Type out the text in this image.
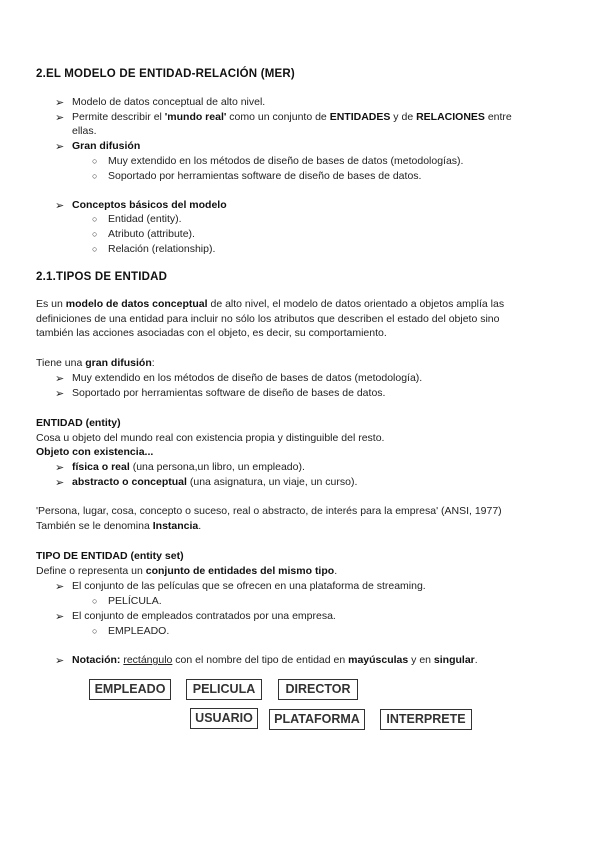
2.EL MODELO DE ENTIDAD-RELACIÓN (MER)
➢ Modelo de datos conceptual de alto nivel.
➢ Permite describir el 'mundo real' como un conjunto de ENTIDADES y de RELACIONES entre
ellas.
➢ Gran difusión
○ Muy extendido en los métodos de diseño de bases de datos (metodologías).
○ Soportado por herramientas software de diseño de bases de datos.
➢ Conceptos básicos del modelo
○ Entidad (entity).
○ Atributo (attribute).
○ Relación (relationship).
2.1.TIPOS DE ENTIDAD
Es un modelo de datos conceptual de alto nivel, el modelo de datos orientado a objetos amplía las
definiciones de una entidad para incluir no sólo los atributos que describen el estado del objeto sino
también las acciones asociadas con el objeto, es decir, su comportamiento.
Tiene una gran difusión:
➢ Muy extendido en los métodos de diseño de bases de datos (metodología).
➢ Soportado por herramientas software de diseño de bases de datos.
ENTIDAD (entity)
Cosa u objeto del mundo real con existencia propia y distinguible del resto.
Objeto con existencia...
➢ física o real (una persona,un libro, un empleado).
➢ abstracto o conceptual (una asignatura, un viaje, un curso).
'Persona, lugar, cosa, concepto o suceso, real o abstracto, de interés para la empresa' (ANSI, 1977)
También se le denomina Instancia.
TIPO DE ENTIDAD (entity set)
Define o representa un conjunto de entidades del mismo tipo.
➢ El conjunto de las películas que se ofrecen en una plataforma de streaming.
○ PELÍCULA.
➢ El conjunto de empleados contratados por una empresa.
○ EMPLEADO.
➢ Notación: rectángulo con el nombre del tipo de entidad en mayúsculas y en singular.
EMPLEADO	PELICULA	DIRECTOR
USUARIO	PLATAFORMA	INTERPRETE
